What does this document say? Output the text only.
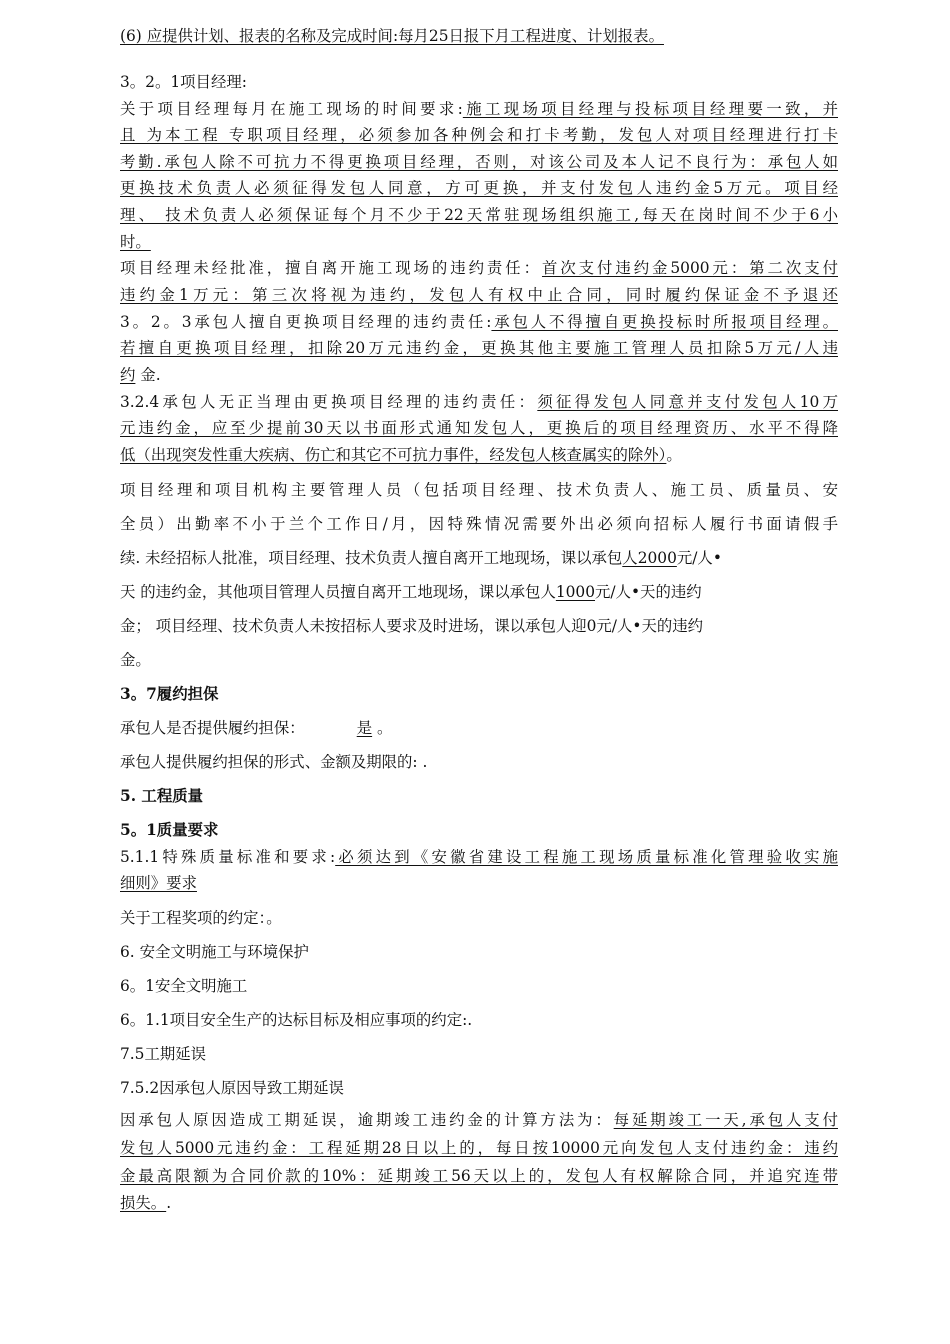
(6) 应提供计划、报表的名称及完成时间:每月25日报下月工程进度、计划报表。
3。2。1项目经理:
关于项目经理每月在施工现场的时间要求:施工现场项目经理与投标项目经理要一致，并
且 为本工程 专职项目经理，必须参加各种例会和打卡考勤，发包人对项目经理进行打卡
考勤.承包人除不可抗力不得更换项目经理，否则，对该公司及本人记不良行为：承包人如
更换技术负责人必须征得发包人同意，方可更换，并支付发包人违约金5万元。项目经
理、 技术负责人必须保证每个月不少于22天常驻现场组织施工,每天在岗时间不少于6小
时。
项目经理未经批准，擅自离开施工现场的违约责任：首次支付违约金5000元：第二次支付
违约金1万元：第三次将视为违约，发包人有权中止合同，同时履约保证金不予退还
3。2。3承包人擅自更换项目经理的违约责任:承包人不得擅自更换投标时所报项目经理。
若擅自更换项目经理，扣除20万元违约金，更换其他主要施工管理人员扣除5万元/人违
约 金.
3.2.4承包人无正当理由更换项目经理的违约责任：须征得发包人同意并支付发包人10万
元违约金，应至少提前30天以书面形式通知发包人，更换后的项目经理资历、水平不得降
低（出现突发性重大疾病、伤亡和其它不可抗力事件，经发包人核查属实的除外）。
项目经理和项目机构主要管理人员（包括项目经理、技术负责人、施工员、质量员、安
全员）出勤率不小于兰个工作日/月，因特殊情况需要外出必须向招标人履行书面请假手
续. 未经招标人批准，项目经理、技术负责人擅自离开工地现场，课以承包人2000元/人•
天 的违约金，其他项目管理人员擅自离开工地现场，课以承包人1000元/人•天的违约
金； 项目经理、技术负责人未按招标人要求及时进场，课以承包人迎0元/人•天的违约
金。
3。7履约担保
承包人是否提供履约担保：	是 。
承包人提供履约担保的形式、金额及期限的: .
5. 工程质量
5。1质量要求
5.1.1特殊质量标准和要求:必须达到《安徽省建设工程施工现场质量标准化管理验收实施
细则》要求
关于工程奖项的约定：。
6. 安全文明施工与环境保护
6。1安全文明施工
6。1.1项目安全生产的达标目标及相应事项的约定:.
7.5工期延误
7.5.2因承包人原因导致工期延误
因承包人原因造成工期延误，逾期竣工违约金的计算方法为：每延期竣工一天,承包人支付
发包人5000元违约金：工程延期28日以上的，每日按10000元向发包人支付违约金：违约
金最高限额为合同价款的10%：延期竣工56天以上的，发包人有权解除合同，并追究连带
损失。.
